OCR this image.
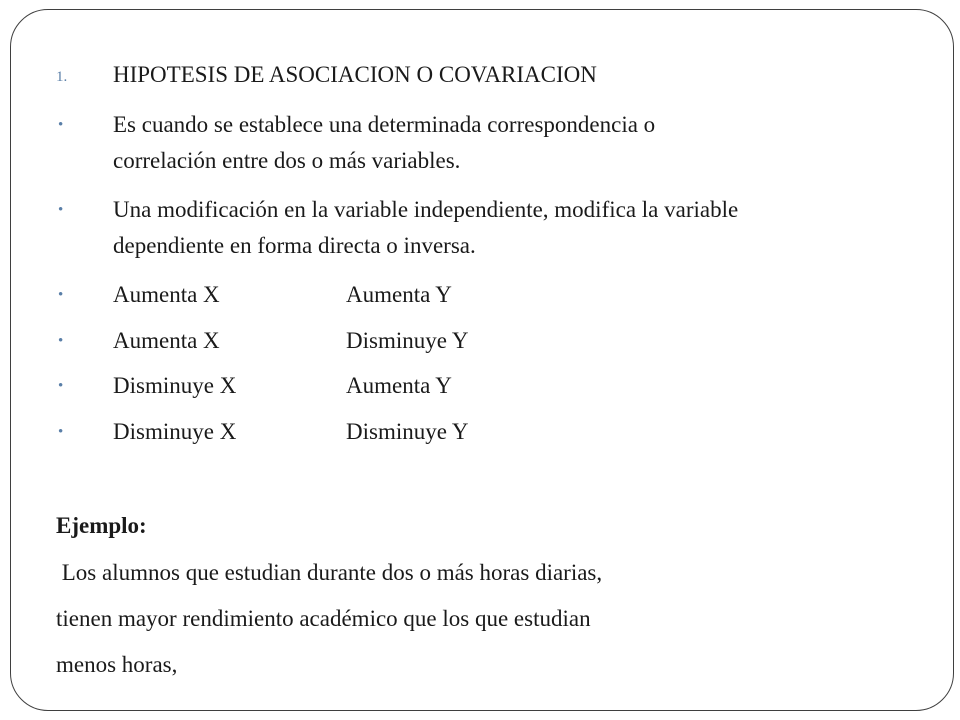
1. HIPOTESIS DE ASOCIACION O COVARIACION
• Es cuando se establece una determinada correspondencia o
correlación entre dos o más variables.
• Una modificación en la variable independiente, modifica la variable
dependiente en forma directa o inversa.
• Aumenta X	Aumenta Y
• Aumenta X	Disminuye Y
• Disminuye X	Aumenta Y
• Disminuye X	Disminuye Y
Ejemplo:
Los alumnos que estudian durante dos o más horas diarias,
tienen mayor rendimiento académico que los que estudian
menos horas,
